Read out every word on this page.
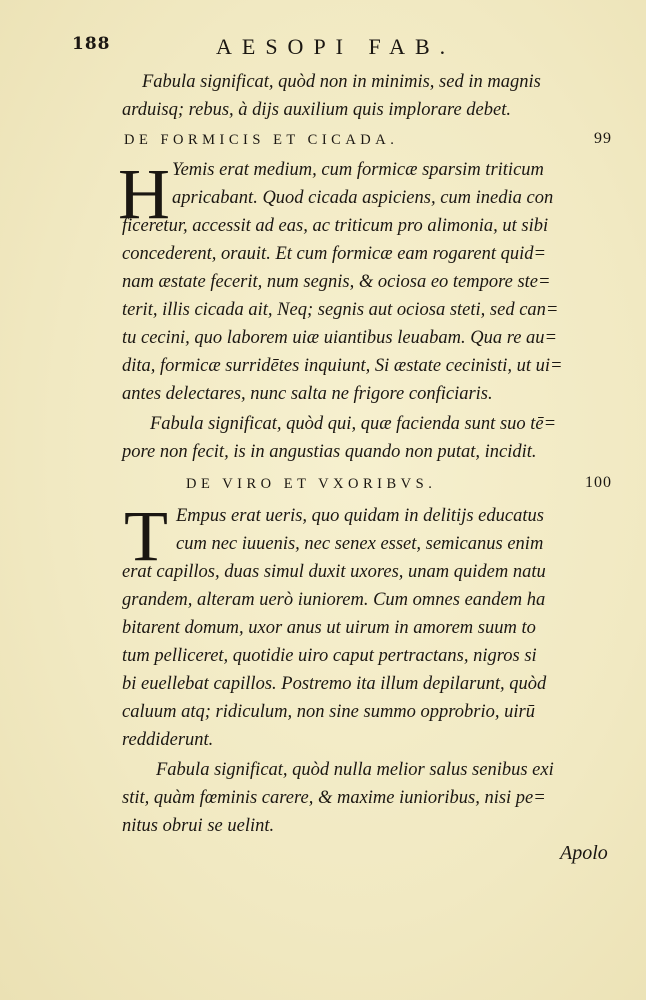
188	AESOPI FAB.
Fabula significat, quòd non in minimis, sed in magnis
arduisq; rebus, à dijs auxilium quis implorare debet.
DE FORMICIS ET CICADA.	99
H Yemis erat medium, cum formicæ sparsim triticum
apricabant. Quod cicada aspiciens, cum inedia con
ficeretur, accessit ad eas, ac triticum pro alimonia, ut sibi
concederent, orauit. Et cum formicæ eam rogarent quid=
nam æstate fecerit, num segnis, & ociosa eo tempore ste=
terit, illis cicada ait, Neq; segnis aut ociosa steti, sed can=
tu cecini, quo laborem uiæ uiantibus leuabam. Qua re au=
dita, formicæ surridētes inquiunt, Si æstate cecinisti, ut ui=
antes delectares, nunc salta ne frigore conficiaris.
Fabula significat, quòd qui, quæ facienda sunt suo tē=
pore non fecit, is in angustias quando non putat, incidit.
DE VIRO ET VXORIBVS.	100
T Empus erat ueris, quo quidam in delitijs educatus
cum nec iuuenis, nec senex esset, semicanus enim
erat capillos, duas simul duxit uxores, unam quidem natu
grandem, alteram uerò iuniorem. Cum omnes eandem ha
bitarent domum, uxor anus ut uirum in amorem suum to
tum pelliceret, quotidie uiro caput pertractans, nigros si
bi euellebat capillos. Postremo ita illum depilarunt, quòd
caluum atq; ridiculum, non sine summo opprobrio, uirū
reddiderunt.
Fabula significat, quòd nulla melior salus senibus exi
stit, quàm fœminis carere, & maxime iunioribus, nisi pe=
nitus obrui se uelint.
Apolo
